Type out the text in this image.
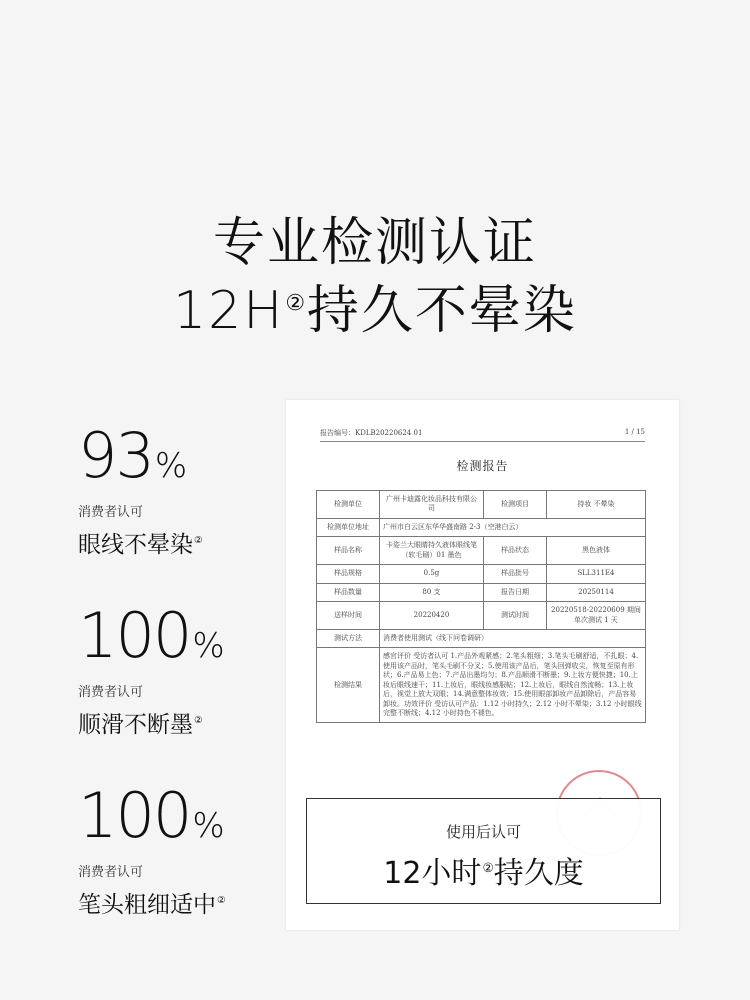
专业检测认证
12H②持久不晕染
93%
消费者认可
眼线不晕染②
100%
消费者认可
顺滑不断墨②
100%
消费者认可
笔头粗细适中②
报告编号：KDLB20220624 01	1 / 15
检测报告
检测单位	广州卡迪露化妆品科技有限公司	检测项目	持妆 不晕染
检测单位地址	广州市白云区东华华盛南路 2-3（空港白云）		
样品名称	卡姿兰大眼睛持久液体眼线笔（软毛刷）01 墨色	样品状态	黑色液体
样品规格	0.5g	样品批号	SLL311E4
样品数量	80 支	报告日期	20250114
送样时间	20220420	测试时间	20220518-20220609 期间单次测试 1 天
测试方法	消费者使用测试（线下问卷调研）		
检测结果	感官评价 受访者认可 1.产品外观紧感；2.笔头粗细；3.笔头毛刷舒适，不扎眼；4.使用该产品时，笔头毛刷不分叉；5.使用该产品后，笔头回弹收尖，恢复至原有形状；6.产品易上色；7.产品出墨均匀；8.产品顺滑不断墨；9.上妆方便快捷；10.上妆后眼线速干；11.上妆后，眼线妆感服帖；12.上妆后，眼线自然流畅；13.上妆后，视觉上放大双眼；14.满意整体妆效；15.使用眼部卸妆产品卸除后，产品容易卸妆。功效评价 受访认可产品：1.12 小时持久；2.12 小时不晕染；3.12 小时眼线完整不断线；4.12 小时持色不褪色。		
使用后认可
12小时②持久度
